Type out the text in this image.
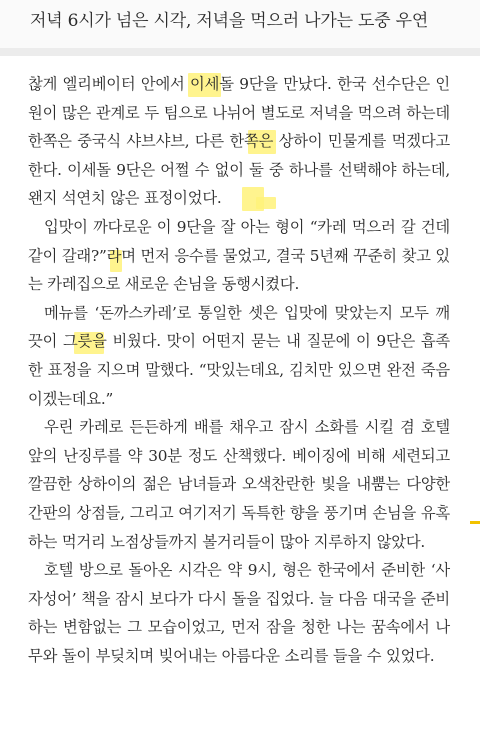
저녁 6시가 넘은 시각, 저녁을 먹으러 나가는 도중 우연

찮게 엘리베이터 안에서 이세돌 9단을 만났다. 한국 선수단은 인원이 많은 관계로 두 팀으로 나뉘어 별도로 저녁을 먹으려 하는데 한쪽은 중국식 샤브샤브, 다른 한쪽은 상하이 민물게를 먹겠다고 한다. 이세돌 9단은 어쩔 수 없이 둘 중 하나를 선택해야 하는데, 왠지 석연치 않은 표정이었다.

입맛이 까다로운 이 9단을 잘 아는 형이 “카레 먹으러 갈 건데 같이 갈래?”라며 먼저 응수를 물었고, 결국 5년째 꾸준히 찾고 있는 카레집으로 새로운 손님을 동행시켰다.

메뉴를 ‘돈까스카레’로 통일한 셋은 입맛에 맞았는지 모두 깨끗이 그릇을 비웠다. 맛이 어떤지 묻는 내 질문에 이 9단은 흡족한 표정을 지으며 말했다. “맛있는데요, 김치만 있으면 완전 죽음이겠는데요.”

우린 카레로 든든하게 배를 채우고 잠시 소화를 시킬 겸 호텔 앞의 난징루를 약 30분 정도 산책했다. 베이징에 비해 세련되고 깔끔한 상하이의 젊은 남녀들과 오색찬란한 빛을 내뿜는 다양한 간판의 상점들, 그리고 여기저기 독특한 향을 풍기며 손님을 유혹하는 먹거리 노점상들까지 볼거리들이 많아 지루하지 않았다.

호텔 방으로 돌아온 시각은 약 9시, 형은 한국에서 준비한 ‘사자성어’ 책을 잠시 보다가 다시 돌을 집었다. 늘 다음 대국을 준비하는 변함없는 그 모습이었고, 먼저 잠을 청한 나는 꿈속에서 나무와 돌이 부딪치며 빚어내는 아름다운 소리를 들을 수 있었다.
